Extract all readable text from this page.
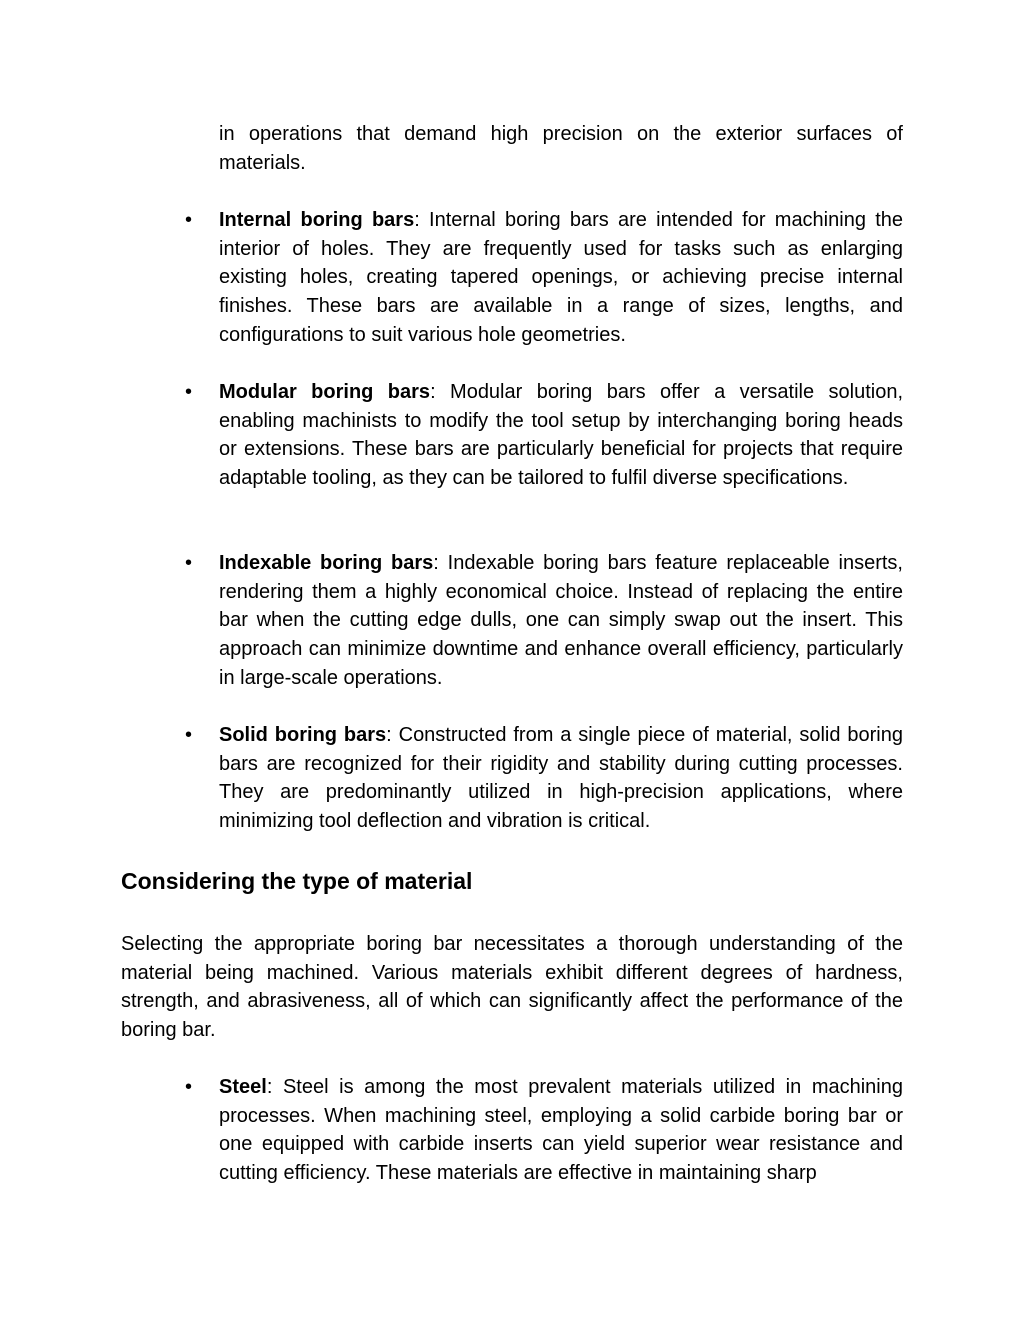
in operations that demand high precision on the exterior surfaces of materials.

• Internal boring bars: Internal boring bars are intended for machining the interior of holes. They are frequently used for tasks such as enlarging existing holes, creating tapered openings, or achieving precise internal finishes. These bars are available in a range of sizes, lengths, and configurations to suit various hole geometries.

• Modular boring bars: Modular boring bars offer a versatile solution, enabling machinists to modify the tool setup by interchanging boring heads or extensions. These bars are particularly beneficial for projects that require adaptable tooling, as they can be tailored to fulfil diverse specifications.

• Indexable boring bars: Indexable boring bars feature replaceable inserts, rendering them a highly economical choice. Instead of replacing the entire bar when the cutting edge dulls, one can simply swap out the insert. This approach can minimize downtime and enhance overall efficiency, particularly in large-scale operations.

• Solid boring bars: Constructed from a single piece of material, solid boring bars are recognized for their rigidity and stability during cutting processes. They are predominantly utilized in high-precision applications, where minimizing tool deflection and vibration is critical.

Considering the type of material

Selecting the appropriate boring bar necessitates a thorough understanding of the material being machined. Various materials exhibit different degrees of hardness, strength, and abrasiveness, all of which can significantly affect the performance of the boring bar.

• Steel: Steel is among the most prevalent materials utilized in machining processes. When machining steel, employing a solid carbide boring bar or one equipped with carbide inserts can yield superior wear resistance and cutting efficiency. These materials are effective in maintaining sharp
